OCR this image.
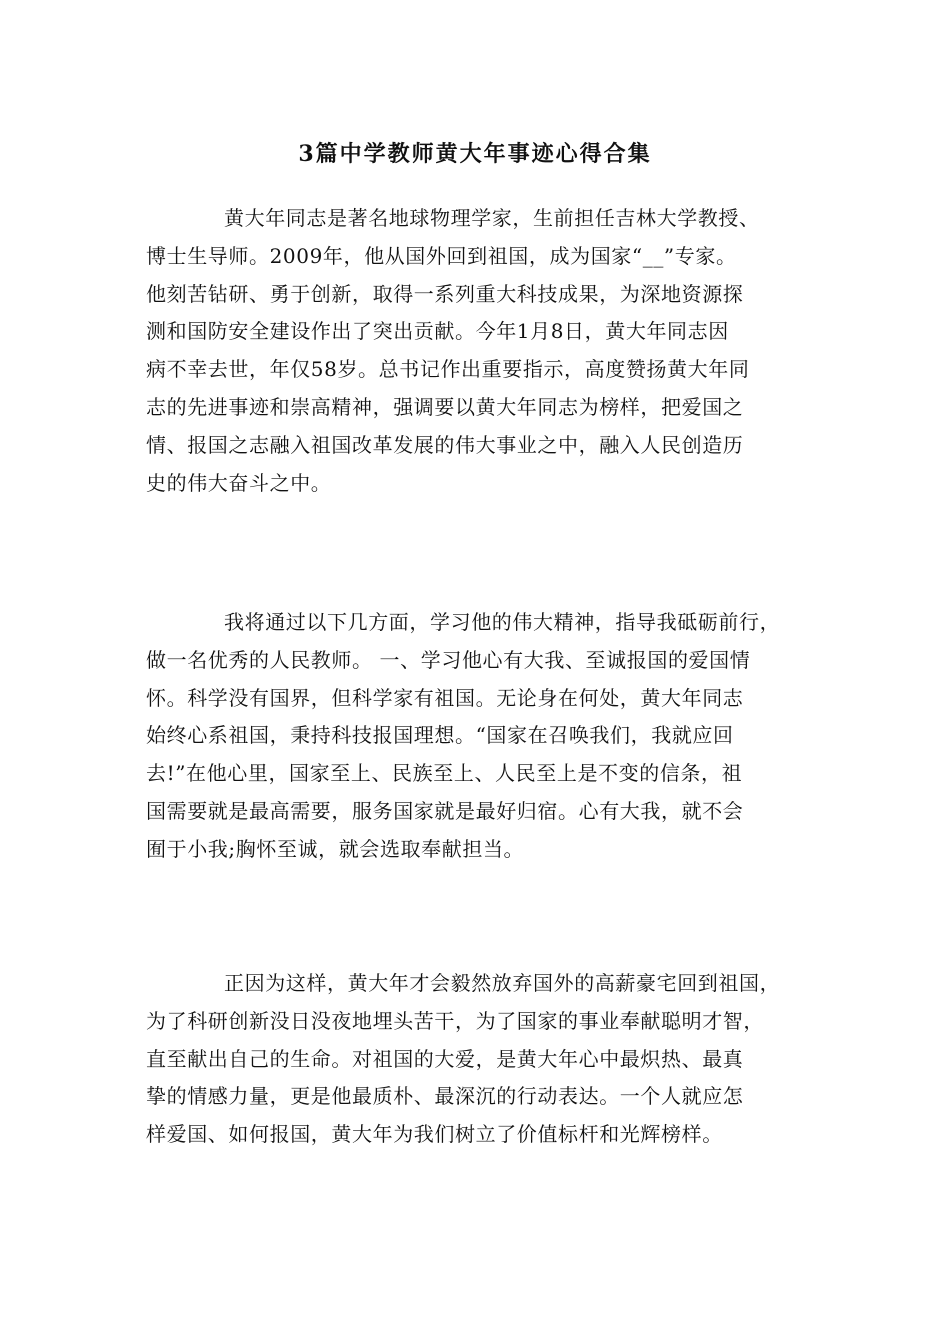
3篇中学教师黄大年事迹心得合集
黄大年同志是著名地球物理学家，生前担任吉林大学教授、
博士生导师。2009年，他从国外回到祖国，成为国家“__”专家。
他刻苦钻研、勇于创新，取得一系列重大科技成果，为深地资源探
测和国防安全建设作出了突出贡献。今年1月8日，黄大年同志因
病不幸去世，年仅58岁。总书记作出重要指示，高度赞扬黄大年同
志的先进事迹和崇高精神，强调要以黄大年同志为榜样，把爱国之
情、报国之志融入祖国改革发展的伟大事业之中，融入人民创造历
史的伟大奋斗之中。
我将通过以下几方面，学习他的伟大精神，指导我砥砺前行，
做一名优秀的人民教师。 一、学习他心有大我、至诚报国的爱国情
怀。科学没有国界，但科学家有祖国。无论身在何处，黄大年同志
始终心系祖国，秉持科技报国理想。“国家在召唤我们，我就应回
去!”在他心里，国家至上、民族至上、人民至上是不变的信条，祖
国需要就是最高需要，服务国家就是最好归宿。心有大我，就不会
囿于小我;胸怀至诚，就会选取奉献担当。
正因为这样，黄大年才会毅然放弃国外的高薪豪宅回到祖国，
为了科研创新没日没夜地埋头苦干，为了国家的事业奉献聪明才智，
直至献出自己的生命。对祖国的大爱，是黄大年心中最炽热、最真
挚的情感力量，更是他最质朴、最深沉的行动表达。一个人就应怎
样爱国、如何报国，黄大年为我们树立了价值标杆和光辉榜样。
